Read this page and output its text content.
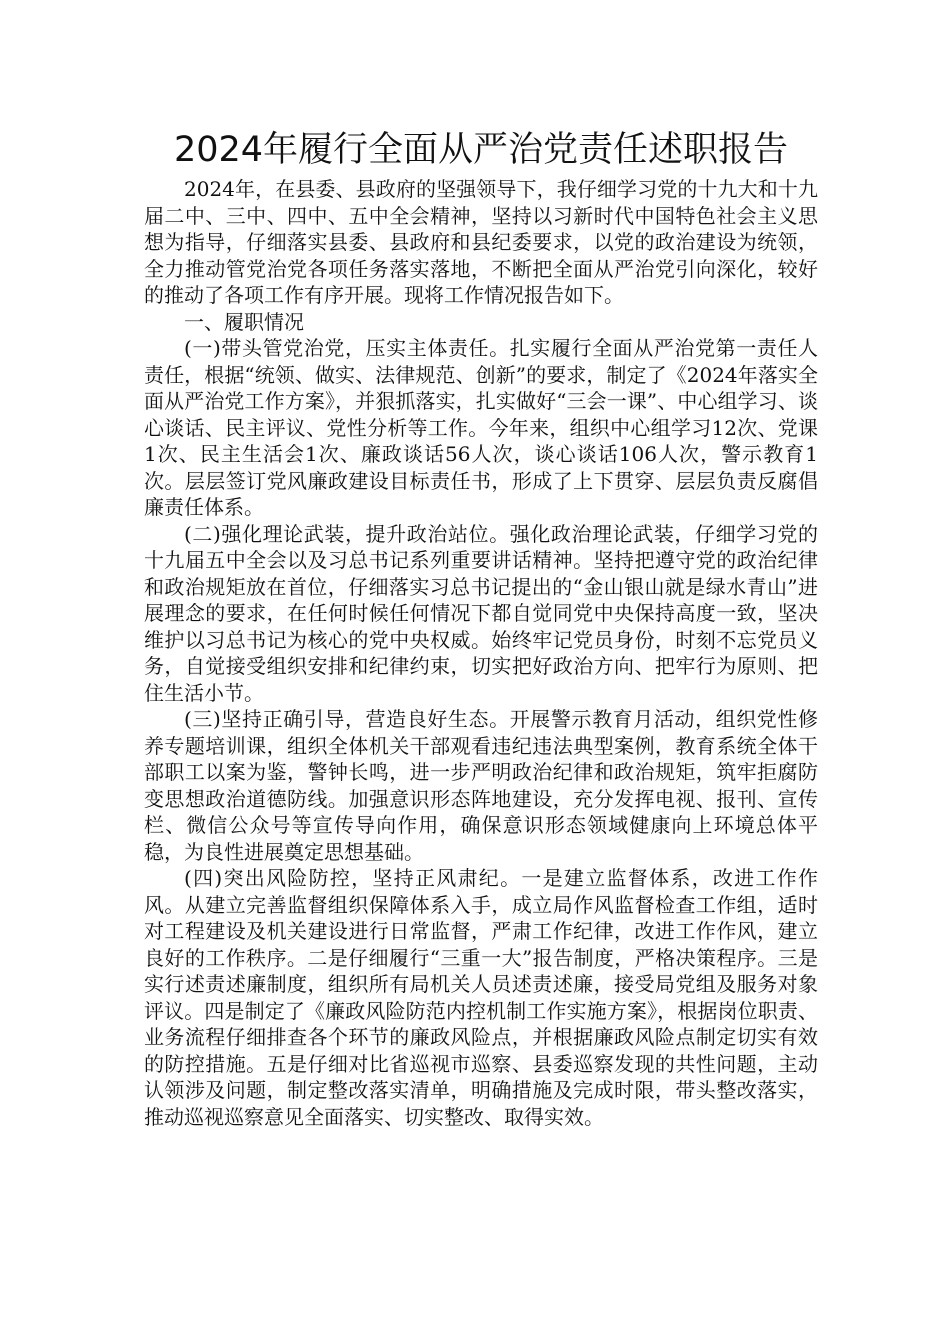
2024年履行全面从严治党责任述职报告

2024年，在县委、县政府的坚强领导下，我仔细学习党的十九大和十九届二中、三中、四中、五中全会精神，坚持以习新时代中国特色社会主义思想为指导，仔细落实县委、县政府和县纪委要求，以党的政治建设为统领，全力推动管党治党各项任务落实落地，不断把全面从严治党引向深化，较好的推动了各项工作有序开展。现将工作情况报告如下。

一、履职情况

(一)带头管党治党，压实主体责任。扎实履行全面从严治党第一责任人责任，根据“统领、做实、法律规范、创新”的要求，制定了《2024年落实全面从严治党工作方案》，并狠抓落实，扎实做好“三会一课”、中心组学习、谈心谈话、民主评议、党性分析等工作。今年来，组织中心组学习12次、党课1次、民主生活会1次、廉政谈话56人次，谈心谈话106人次，警示教育1次。层层签订党风廉政建设目标责任书，形成了上下贯穿、层层负责反腐倡廉责任体系。

(二)强化理论武装，提升政治站位。强化政治理论武装，仔细学习党的十九届五中全会以及习总书记系列重要讲话精神。坚持把遵守党的政治纪律和政治规矩放在首位，仔细落实习总书记提出的“金山银山就是绿水青山”进展理念的要求，在任何时候任何情况下都自觉同党中央保持高度一致，坚决维护以习总书记为核心的党中央权威。始终牢记党员身份，时刻不忘党员义务，自觉接受组织安排和纪律约束，切实把好政治方向、把牢行为原则、把住生活小节。

(三)坚持正确引导，营造良好生态。开展警示教育月活动，组织党性修养专题培训课，组织全体机关干部观看违纪违法典型案例，教育系统全体干部职工以案为鉴，警钟长鸣，进一步严明政治纪律和政治规矩，筑牢拒腐防变思想政治道德防线。加强意识形态阵地建设，充分发挥电视、报刊、宣传栏、微信公众号等宣传导向作用，确保意识形态领域健康向上环境总体平稳，为良性进展奠定思想基础。

(四)突出风险防控，坚持正风肃纪。一是建立监督体系，改进工作作风。从建立完善监督组织保障体系入手，成立局作风监督检查工作组，适时对工程建设及机关建设进行日常监督，严肃工作纪律，改进工作作风，建立良好的工作秩序。二是仔细履行“三重一大”报告制度，严格决策程序。三是实行述责述廉制度，组织所有局机关人员述责述廉，接受局党组及服务对象评议。四是制定了《廉政风险防范内控机制工作实施方案》，根据岗位职责、业务流程仔细排查各个环节的廉政风险点，并根据廉政风险点制定切实有效的防控措施。五是仔细对比省巡视市巡察、县委巡察发现的共性问题，主动认领涉及问题，制定整改落实清单，明确措施及完成时限，带头整改落实，推动巡视巡察意见全面落实、切实整改、取得实效。
